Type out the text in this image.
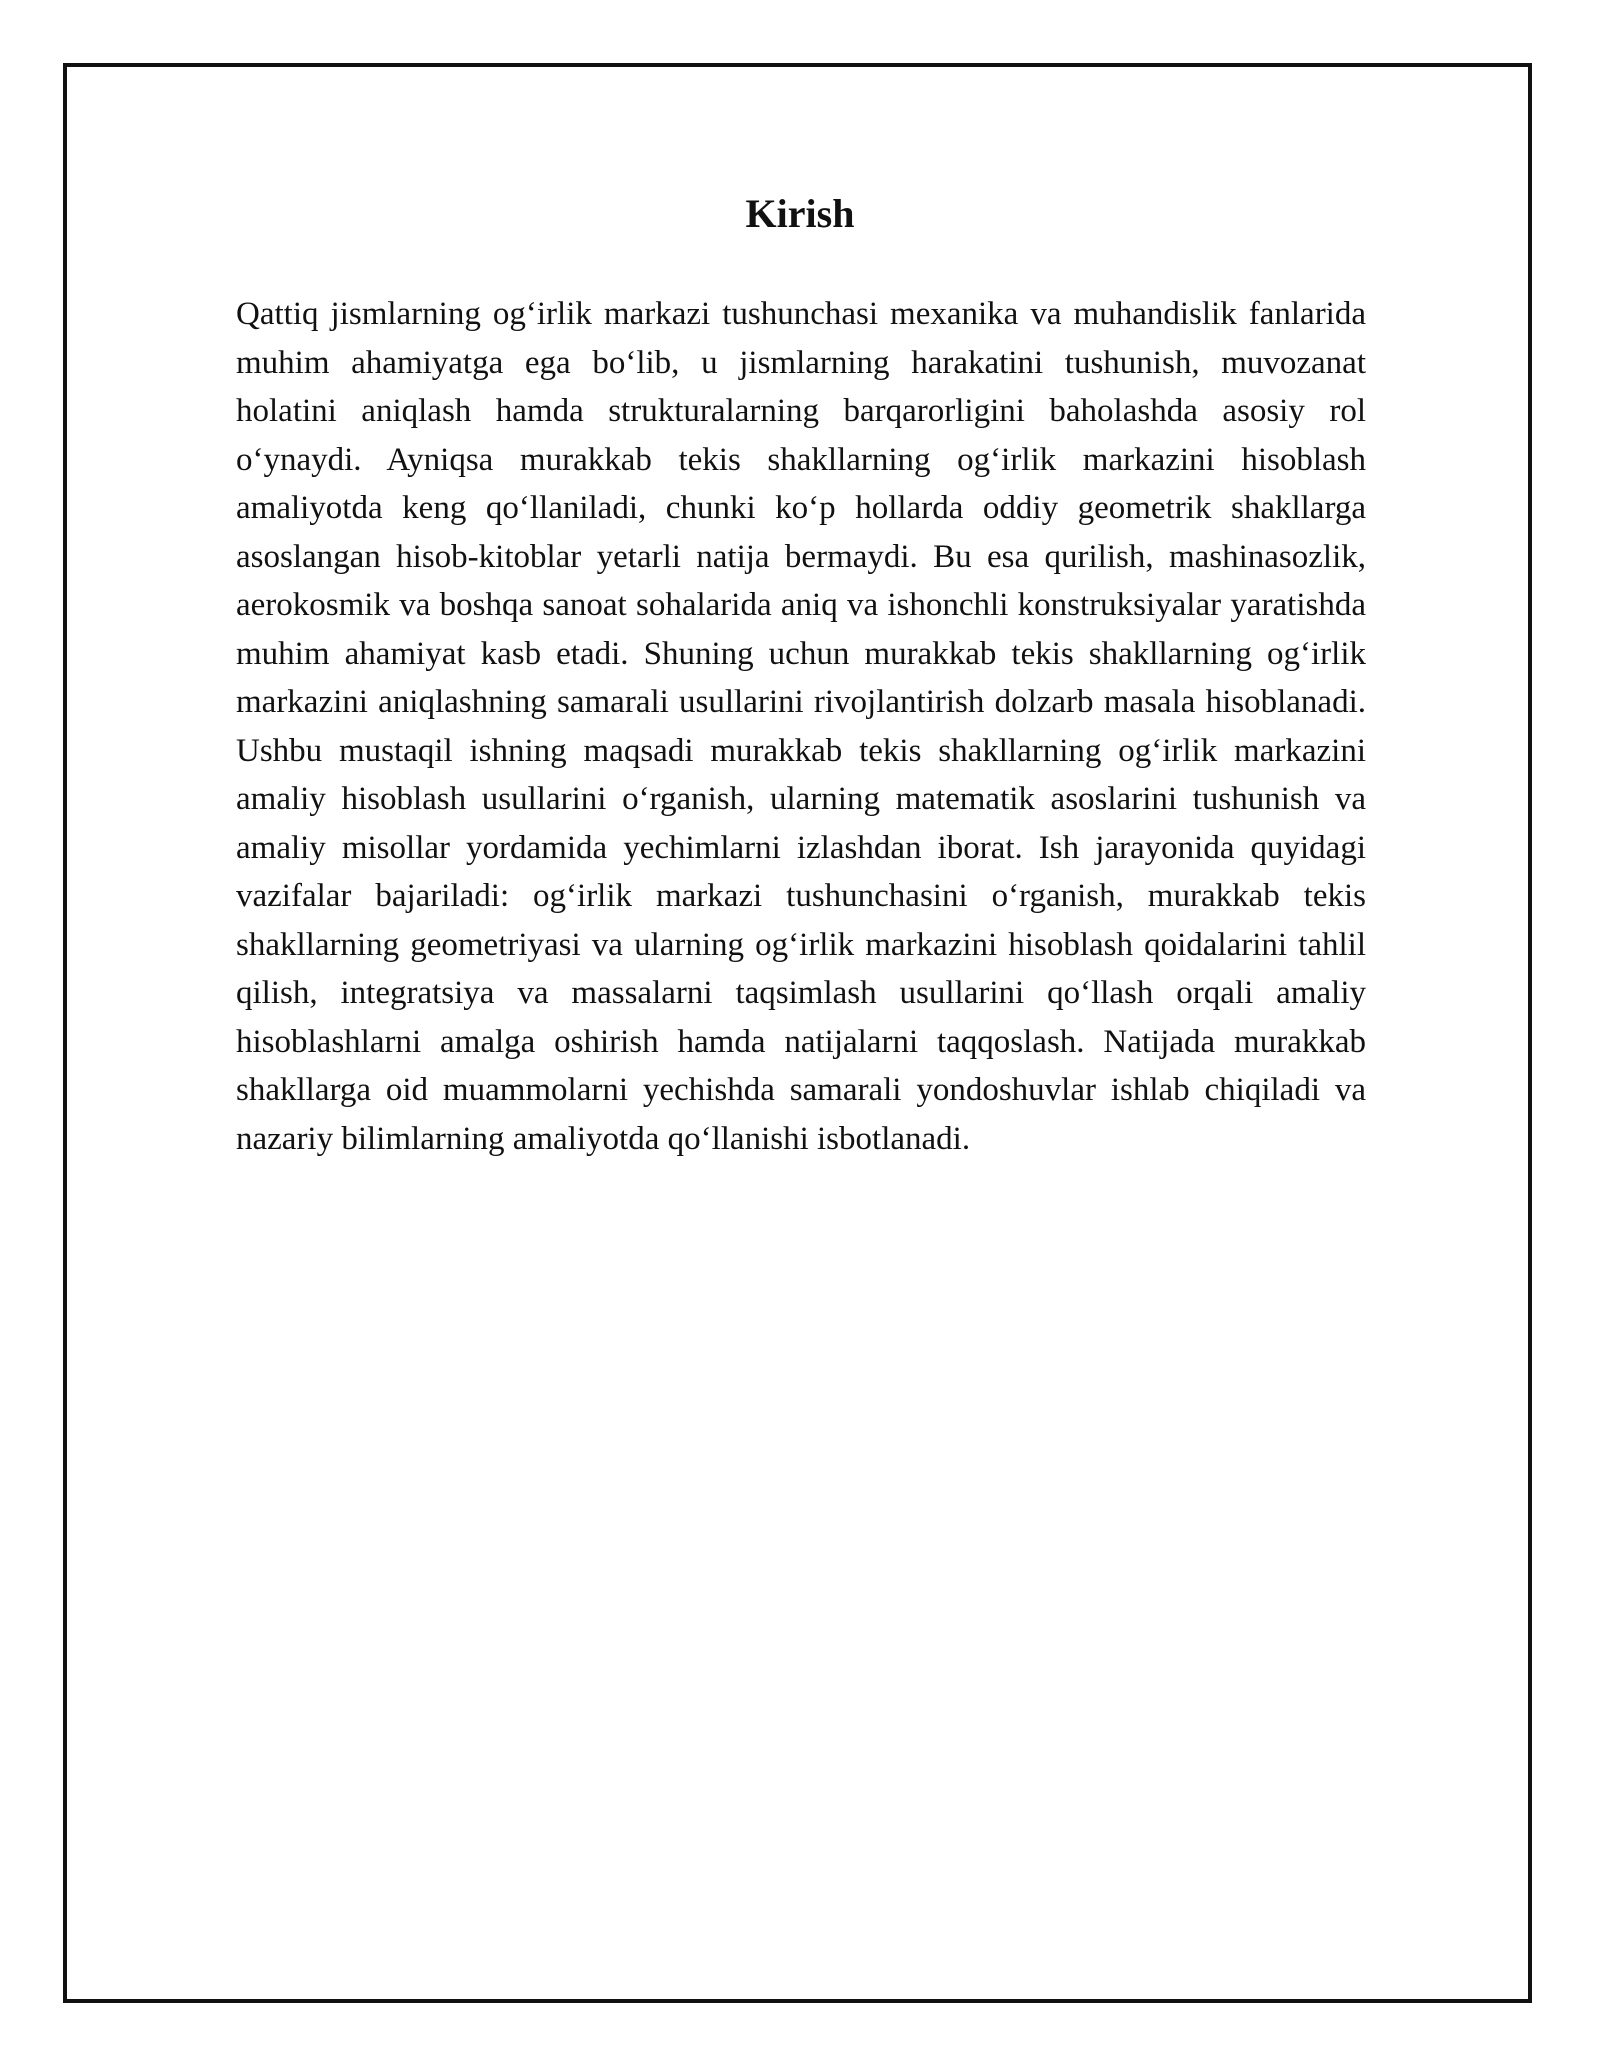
Kirish

Qattiq jismlarning og‘irlik markazi tushunchasi mexanika va muhandislik fanlarida muhim ahamiyatga ega bo‘lib, u jismlarning harakatini tushunish, muvozanat holatini aniqlash hamda strukturalarning barqarorligini baholashda asosiy rol o‘ynaydi. Ayniqsa murakkab tekis shakllarning og‘irlik markazini hisoblash amaliyotda keng qo‘llaniladi, chunki ko‘p hollarda oddiy geometrik shakllarga asoslangan hisob-kitoblar yetarli natija bermaydi. Bu esa qurilish, mashinasozlik, aerokosmik va boshqa sanoat sohalarida aniq va ishonchli konstruksiyalar yaratishda muhim ahamiyat kasb etadi. Shuning uchun murakkab tekis shakllarning og‘irlik markazini aniqlashning samarali usullarini rivojlantirish dolzarb masala hisoblanadi. Ushbu mustaqil ishning maqsadi murakkab tekis shakllarning og‘irlik markazini amaliy hisoblash usullarini o‘rganish, ularning matematik asoslarini tushunish va amaliy misollar yordamida yechimlarni izlashdan iborat. Ish jarayonida quyidagi vazifalar bajariladi: og‘irlik markazi tushunchasini o‘rganish, murakkab tekis shakllarning geometriyasi va ularning og‘irlik markazini hisoblash qoidalarini tahlil qilish, integratsiya va massalarni taqsimlash usullarini qo‘llash orqali amaliy hisoblashlarni amalga oshirish hamda natijalarni taqqoslash. Natijada murakkab shakllarga oid muammolarni yechishda samarali yondoshuvlar ishlab chiqiladi va nazariy bilimlarning amaliyotda qo‘llanishi isbotlanadi.
